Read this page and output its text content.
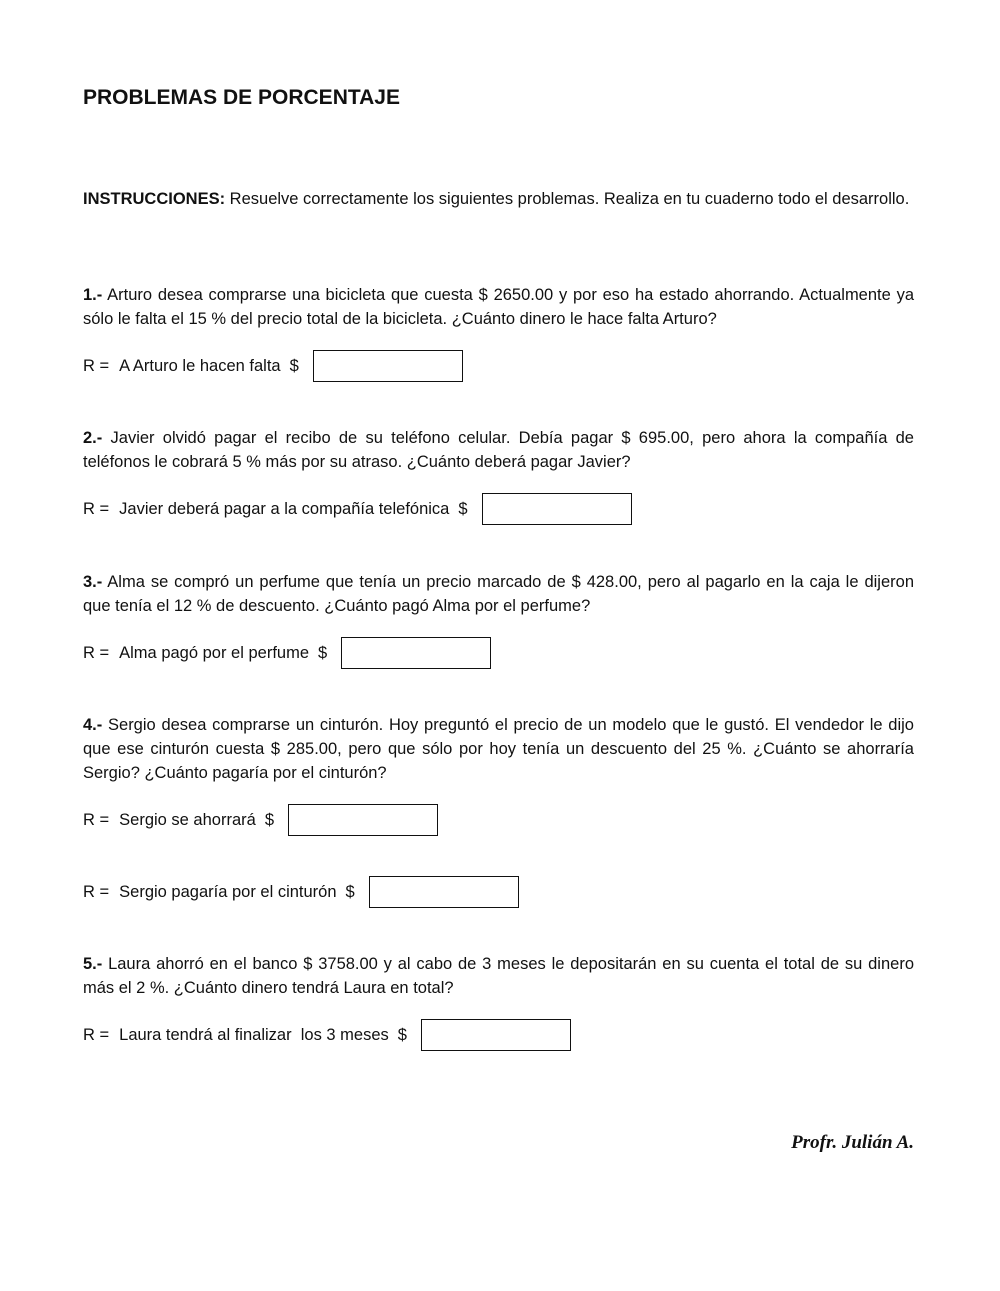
PROBLEMAS DE PORCENTAJE
INSTRUCCIONES: Resuelve correctamente los siguientes problemas. Realiza en tu cuaderno todo el desarrollo.
1.- Arturo desea comprarse una bicicleta que cuesta $ 2650.00 y por eso ha estado ahorrando. Actualmente ya sólo le falta el 15 % del precio total de la bicicleta. ¿Cuánto dinero le hace falta Arturo?
R = A Arturo le hacen falta $
2.- Javier olvidó pagar el recibo de su teléfono celular. Debía pagar $ 695.00, pero ahora la compañía de teléfonos le cobrará 5 % más por su atraso. ¿Cuánto deberá pagar Javier?
R = Javier deberá pagar a la compañía telefónica $
3.- Alma se compró un perfume que tenía un precio marcado de $ 428.00, pero al pagarlo en la caja le dijeron que tenía el 12 % de descuento. ¿Cuánto pagó Alma por el perfume?
R = Alma pagó por el perfume $
4.- Sergio desea comprarse un cinturón. Hoy preguntó el precio de un modelo que le gustó. El vendedor le dijo que ese cinturón cuesta $ 285.00, pero que sólo por hoy tenía un descuento del 25 %. ¿Cuánto se ahorraría Sergio? ¿Cuánto pagaría por el cinturón?
R = Sergio se ahorrará $
R = Sergio pagaría por el cinturón $
5.- Laura ahorró en el banco $ 3758.00 y al cabo de 3 meses le depositarán en su cuenta el total de su dinero más el 2 %. ¿Cuánto dinero tendrá Laura en total?
R = Laura tendrá al finalizar  los 3 meses $
Profr. Julián A.
